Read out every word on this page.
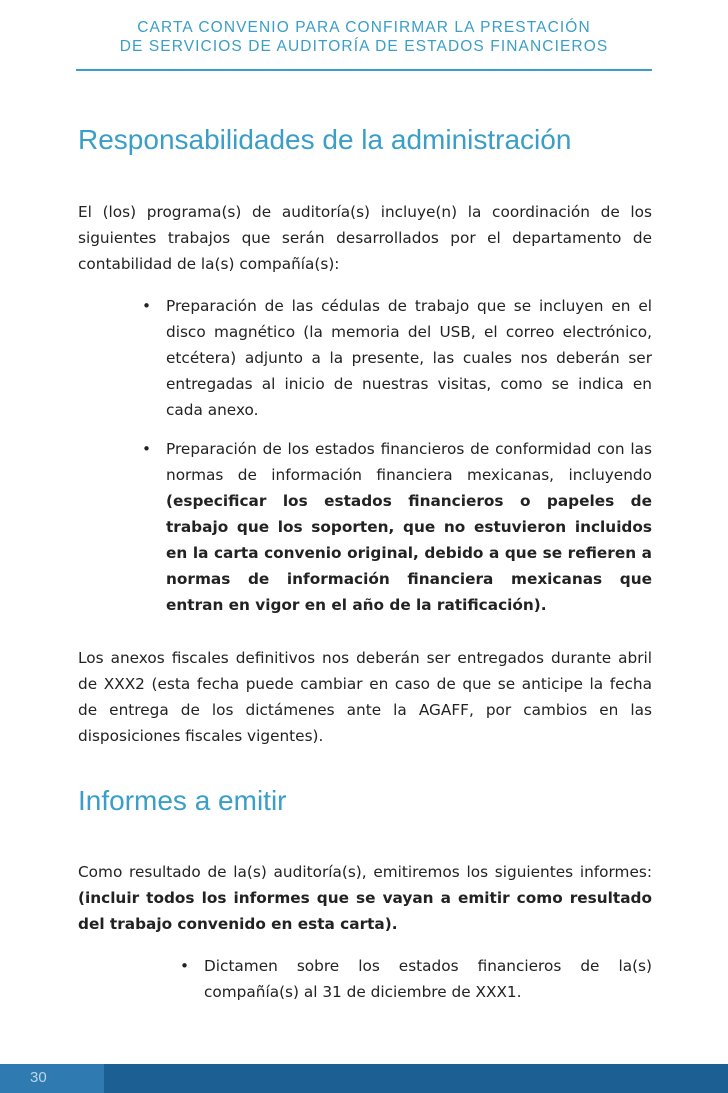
CARTA CONVENIO PARA CONFIRMAR LA PRESTACIÓN
DE SERVICIOS DE AUDITORÍA DE ESTADOS FINANCIEROS
Responsabilidades de la administración

El (los) programa(s) de auditoría(s) incluye(n) la coordinación de los siguientes trabajos que serán desarrollados por el departamento de contabilidad de la(s) compañía(s):

• Preparación de las cédulas de trabajo que se incluyen en el disco magnético (la memoria del USB, el correo electrónico, etcétera) adjunto a la presente, las cuales nos deberán ser entregadas al inicio de nuestras visitas, como se indica en cada anexo.
• Preparación de los estados financieros de conformidad con las normas de información financiera mexicanas, incluyendo (especificar los estados financieros o papeles de trabajo que los soporten, que no estuvieron incluidos en la carta convenio original, debido a que se refieren a normas de información financiera mexicanas que entran en vigor en el año de la ratificación).

Los anexos fiscales definitivos nos deberán ser entregados durante abril de XXX2 (esta fecha puede cambiar en caso de que se anticipe la fecha de entrega de los dictámenes ante la AGAFF, por cambios en las disposiciones fiscales vigentes).

Informes a emitir

Como resultado de la(s) auditoría(s), emitiremos los siguientes informes: (incluir todos los informes que se vayan a emitir como resultado del trabajo convenido en esta carta).

• Dictamen sobre los estados financieros de la(s) compañía(s) al 31 de diciembre de XXX1.
30
